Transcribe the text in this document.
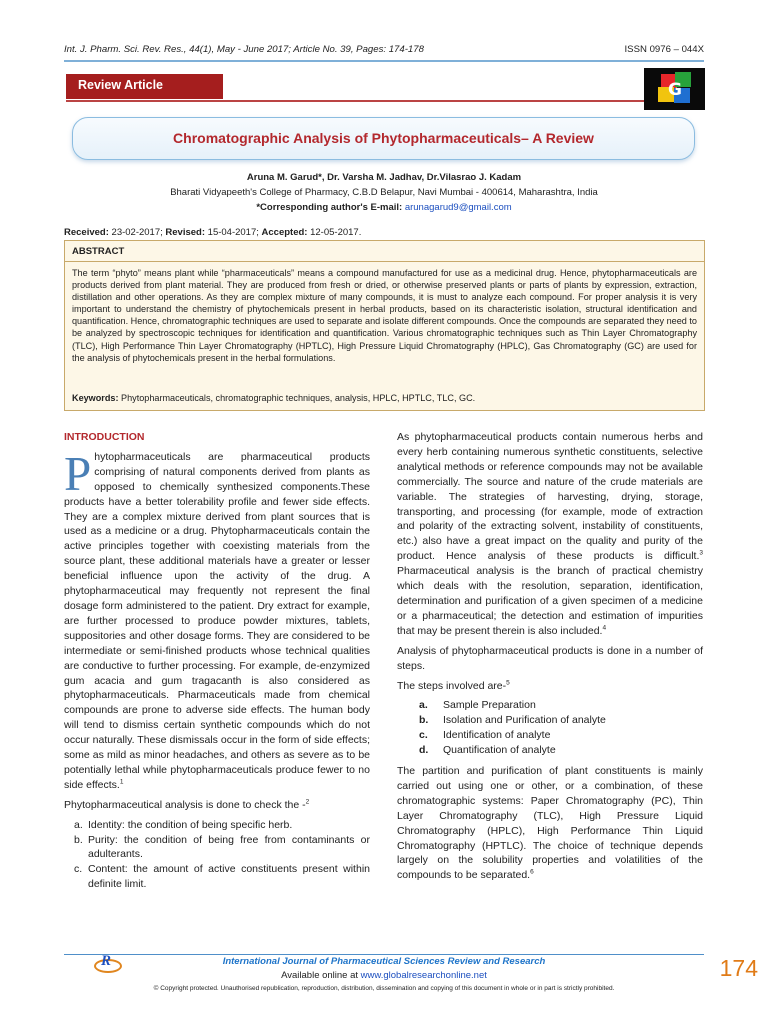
Int. J. Pharm. Sci. Rev. Res., 44(1), May - June 2017; Article No. 39, Pages: 174-178	ISSN 0976 – 044X
Review Article	G
Chromatographic Analysis of Phytopharmaceuticals– A Review
Aruna M. Garud*, Dr. Varsha M. Jadhav, Dr.Vilasrao J. Kadam
Bharati Vidyapeeth's College of Pharmacy, C.B.D Belapur, Navi Mumbai - 400614, Maharashtra, India
*Corresponding author's E-mail: arunagarud9@gmail.com
Received: 23-02-2017; Revised: 15-04-2017; Accepted: 12-05-2017.
ABSTRACT
The term “phyto” means plant while “pharmaceuticals” means a compound manufactured for use as a medicinal drug. Hence, phytopharmaceuticals are products derived from plant material. They are produced from fresh or dried, or otherwise preserved plants or parts of plants by expression, extraction, distillation and other operations. As they are complex mixture of many compounds, it is must to analyze each compound. For proper analysis it is very important to understand the chemistry of phytochemicals present in herbal products, based on its characteristic isolation, structural identification and quantification. Hence, chromatographic techniques are used to separate and isolate different compounds. Once the compounds are separated they need to be analyzed by spectroscopic techniques for identification and quantification. Various chromatographic techniques such as Thin Layer Chromatography (TLC), High Performance Thin Layer Chromatography (HPTLC), High Pressure Liquid Chromatography (HPLC), Gas Chromatography (GC) are used for the analysis of phytochemicals present in the herbal formulations.
Keywords: Phytopharmaceuticals, chromatographic techniques, analysis, HPLC, HPTLC, TLC, GC.
INTRODUCTION
Phytopharmaceuticals are pharmaceutical products comprising of natural components derived from plants as opposed to chemically synthesized components.These products have a better tolerability profile and fewer side effects. They are a complex mixture derived from plant sources that is used as a medicine or a drug. Phytopharmaceuticals contain the active principles together with coexisting materials from the source plant, these additional materials have a greater or lesser beneficial influence upon the activity of the drug. A phytopharmaceutical may frequently not represent the final dosage form administered to the patient. Dry extract for example, are further processed to produce powder mixtures, tablets, suppositories and other dosage forms. They are considered to be intermediate or semi-finished products whose technical qualities are conductive to further processing. For example, de-enzymized gum acacia and gum tragacanth is also considered as phytopharmaceuticals. Pharmaceuticals made from chemical compounds are prone to adverse side effects. The human body will tend to dismiss certain synthetic compounds which do not occur naturally. These dismissals occur in the form of side effects; some as mild as minor headaches, and others as severe as to be potentially lethal while phytopharmaceuticals produce fewer to no side effects.$^1$
Phytopharmaceutical analysis is done to check the -$^2$
a. Identity: the condition of being specific herb.
b. Purity: the condition of being free from contaminants or adulterants.
c. Content: the amount of active constituents present within definite limit.
As phytopharmaceutical products contain numerous herbs and every herb containing numerous synthetic constituents, selective analytical methods or reference compounds may not be available commercially. The source and nature of the crude materials are variable. The strategies of harvesting, drying, storage, transporting, and processing (for example, mode of extraction and polarity of the extracting solvent, instability of constituents, etc.) also have a great impact on the quality and purity of the product. Hence analysis of these products is difficult.$^3$ Pharmaceutical analysis is the branch of practical chemistry which deals with the resolution, separation, identification, determination and purification of a given specimen of a medicine or a pharmaceutical; the detection and estimation of impurities that may be present therein is also included.$^4$
Analysis of phytopharmaceutical products is done in a number of steps.
The steps involved are-$^5$
a. Sample Preparation
b. Isolation and Purification of analyte
c. Identification of analyte
d. Quantification of analyte
The partition and purification of plant constituents is mainly carried out using one or other, or a combination, of these chromatographic systems: Paper Chromatography (PC), Thin Layer Chromatography (TLC), High Pressure Liquid Chromatography (HPLC), High Performance Thin Liquid Chromatography (HPTLC). The choice of technique depends largely on the solubility properties and volatilities of the compounds to be separated.$^6$
R	International Journal of Pharmaceutical Sciences Review and Research
Available online at www.globalresearchonline.net
© Copyright protected. Unauthorised republication, reproduction, distribution, dissemination and copying of this document in whole or in part is strictly prohibited.
174
